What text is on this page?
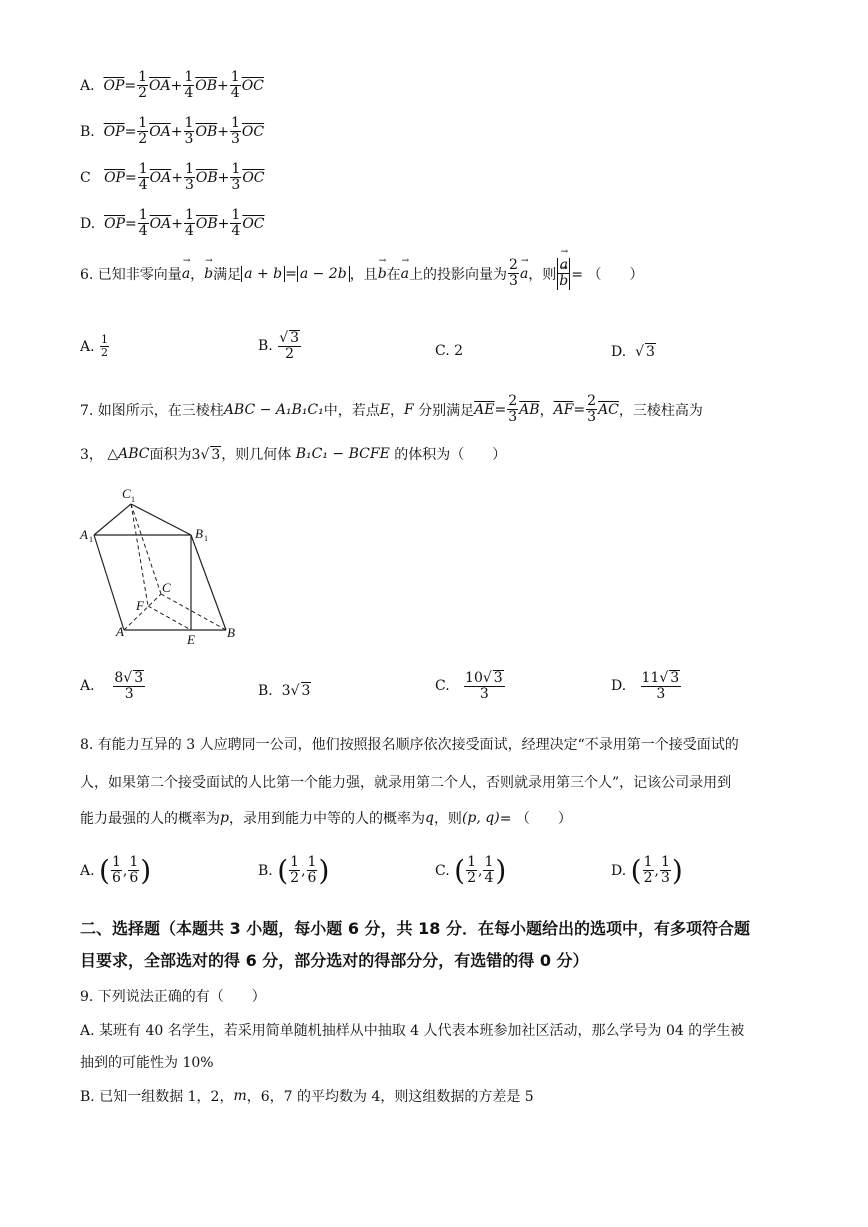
A.
$\overline{OP} = \frac{1}{2} \overline{OA} + \frac{1}{4} \overline{OB} + \frac{1}{4} \overline{OC}$
B.
$\overline{OP} = \frac{1}{2} \overline{OA} + \frac{1}{3} \overline{OB} + \frac{1}{3} \overline{OC}$
C
$\overline{OP} = \frac{1}{4} \overline{OA} + \frac{1}{3} \overline{OB} + \frac{1}{3} \overline{OC}$
D.
$\overline{OP} = \frac{1}{4} \overline{OA} + \frac{1}{4} \overline{OB} + \frac{1}{4} \overline{OC}$
6. 已知非零向量 → a ， → b 满足 a + b = a − 2b ，且 → b 在 → a 上的投影向量为 $\frac{2}{3} \to a$ ，则 → a
→ b = （　　）
A.
$\frac{1}{2}$	B.
$\frac{√ 3}{2}$	C. 2	D.
√ 3
7. 如图所示，在三棱柱 ABC − A₁B₁C₁ 中，若点 E ， F
分别满足 $\overline{AE} = \frac{2}{3} \overline{AB}$ ， $\overline{AF} = \frac{2}{3} \overline{AC}$ ，三棱柱高为
3，
△ABC 面积为 3√ 3 ，则几何体
B₁C₁ − BCFE
的体积为（　　）
C 1
A 1	B 1
C
F
A
E B
A.
$\frac{8√ 3}{3}$	B.
3√ 3	C.
$\frac{10√ 3}{3}$	D.
$\frac{11√ 3}{3}$
8. 有能力互异的 3 人应聘同一公司，他们按照报名顺序依次接受面试，经理决定“不录用第一个接受面试的
人，如果第二个接受面试的人比第一个能力强，就录用第二个人，否则就录用第三个人”，记该公司录用到
能力最强的人的概率为 p ，录用到能力中等的人的概率为 q ，则 (p, q) = （　　）
A.
( $\frac{1}{6}$ , $\frac{1}{6}$ )	B.
( $\frac{1}{2}$ , $\frac{1}{6}$ )	C.
( $\frac{1}{2}$ , $\frac{1}{4}$ )	D.
( $\frac{1}{2}$ , $\frac{1}{3}$ )
二、选择题（本题共 3 小题，每小题 6 分，共 18 分．在每小题给出的选项中，有多项符合题
目要求，全部选对的得 6 分，部分选对的得部分分，有选错的得 0 分）
9. 下列说法正确的有（　　）
A. 某班有 40 名学生，若采用简单随机抽样从中抽取 4 人代表本班参加社区活动，那么学号为 04 的学生被
抽到的可能性为 10%
B. 已知一组数据 1，2， m ，6，7 的平均数为 4，则这组数据的方差是 5
